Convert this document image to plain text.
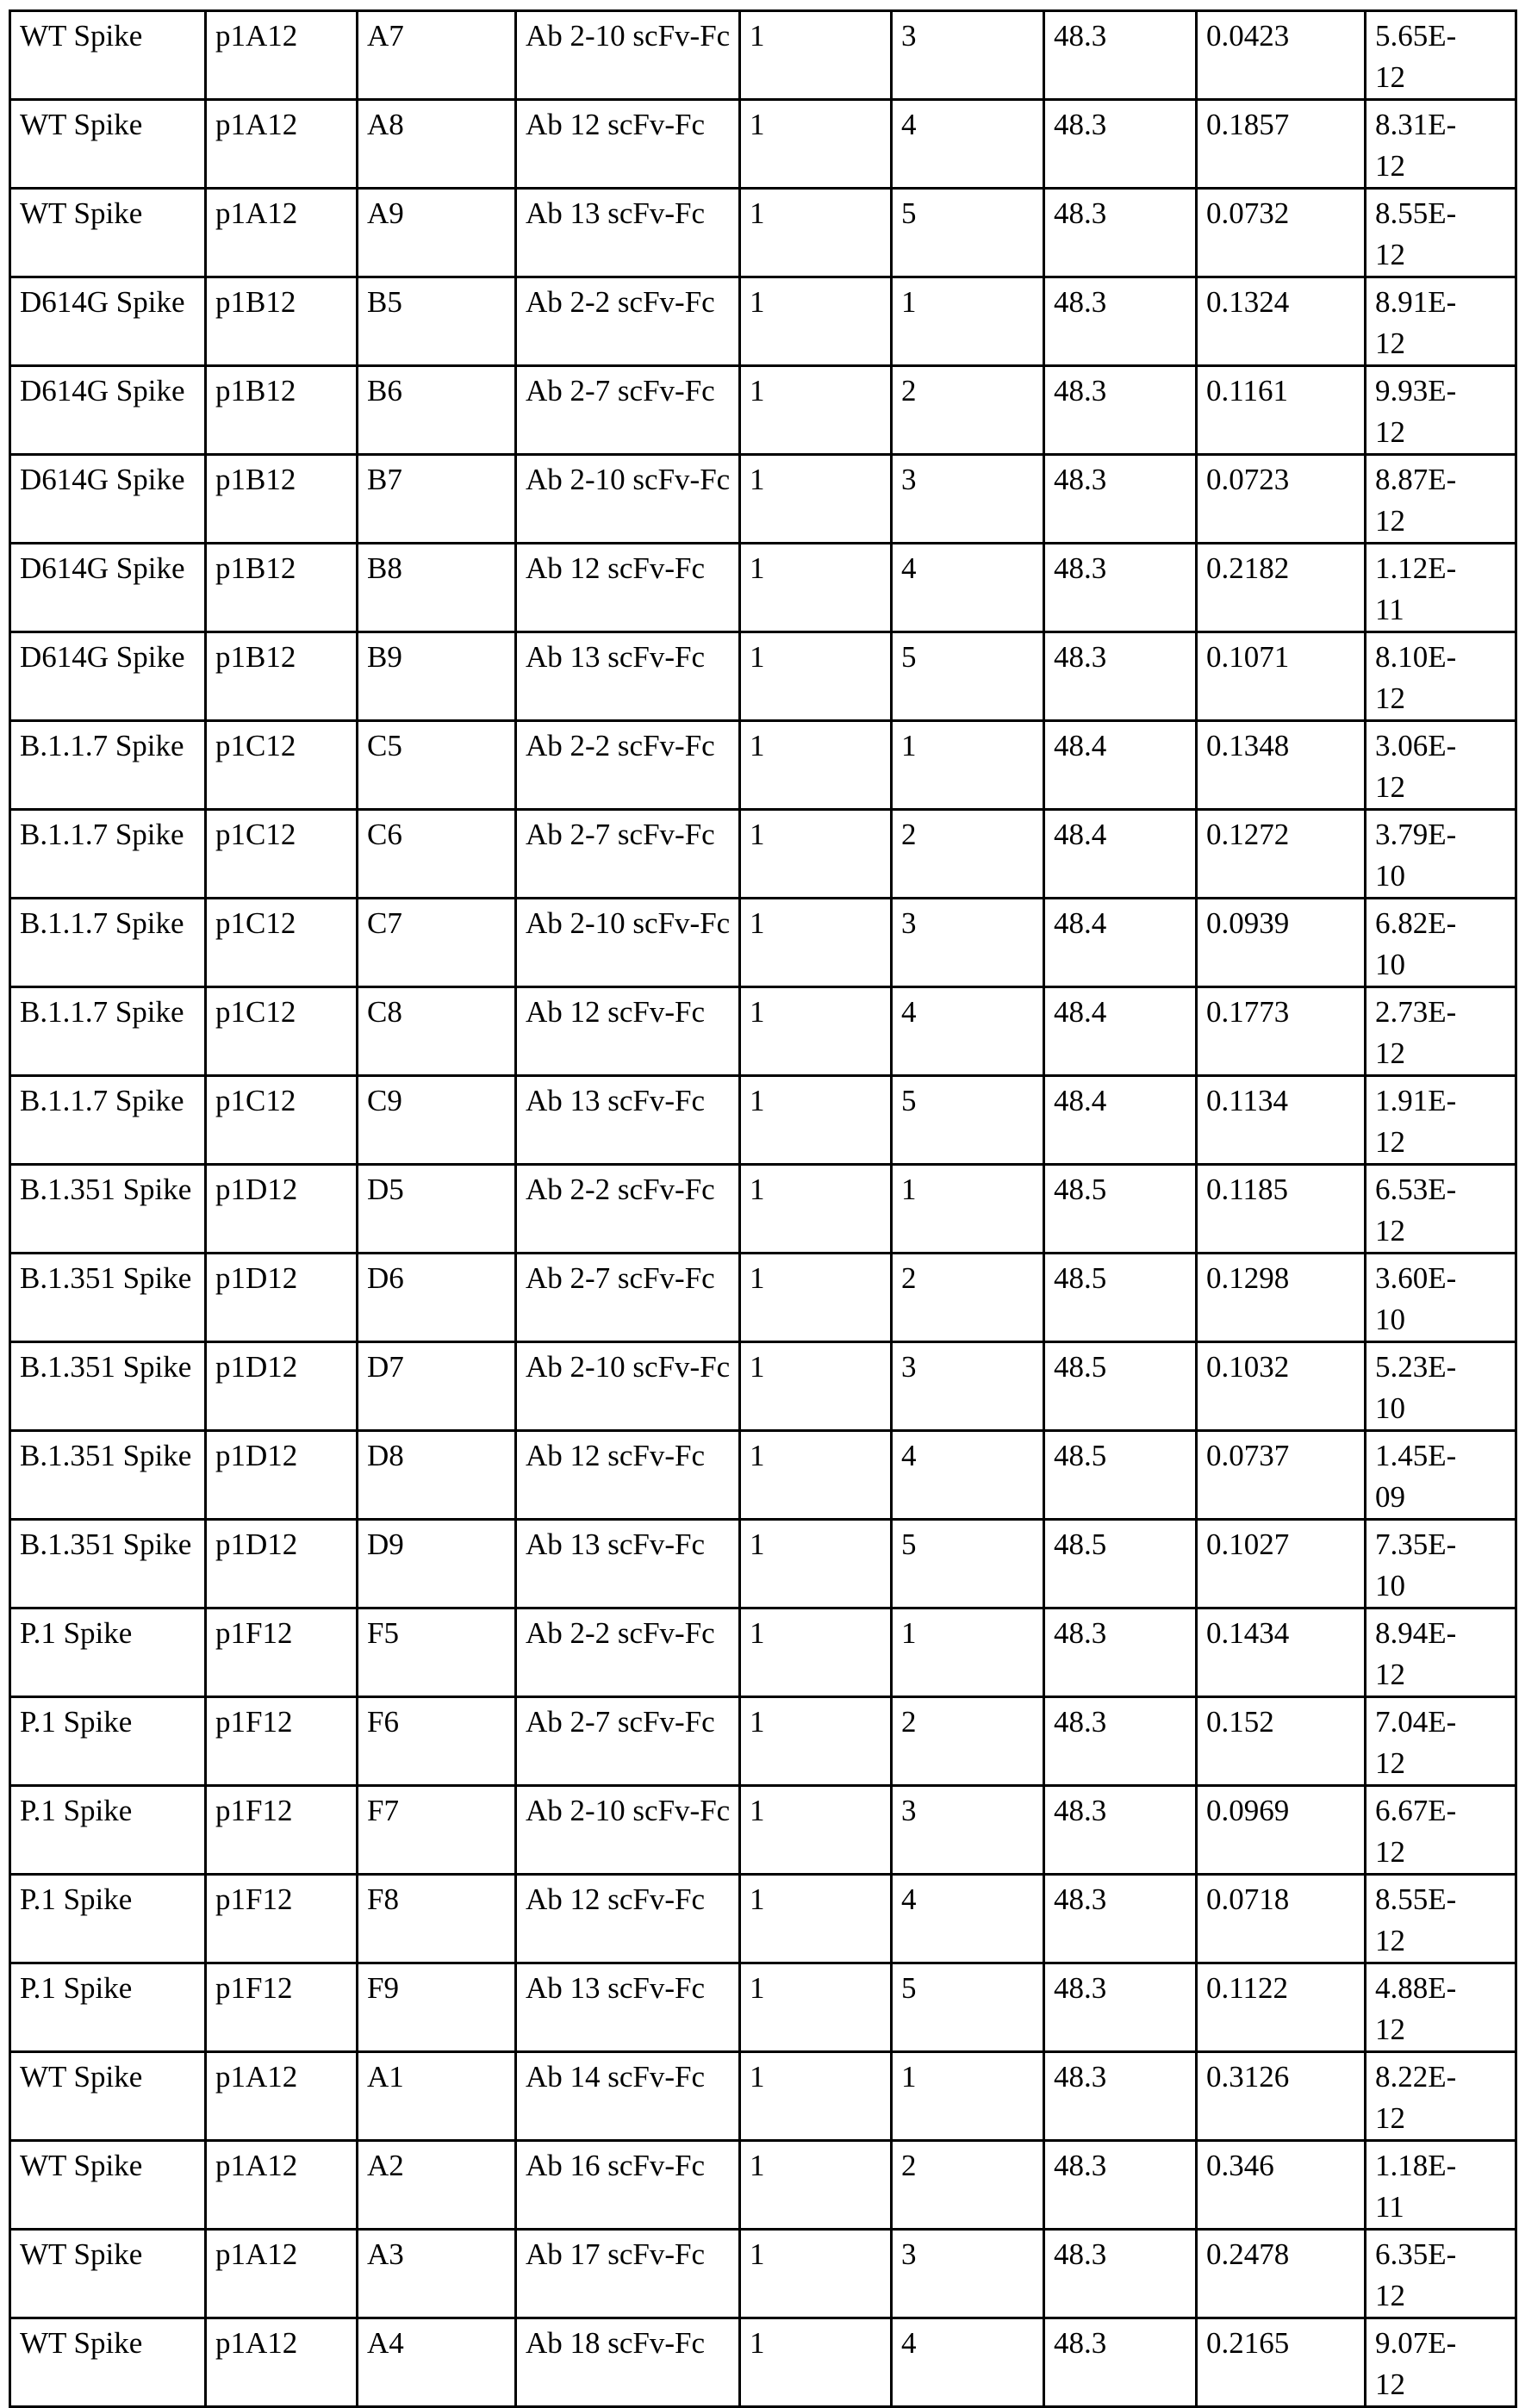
WT Spike	p1A12	A7	Ab 2-10 scFv-Fc	1	3	48.3	0.0423	5.65E-12
WT Spike	p1A12	A8	Ab 12 scFv-Fc	1	4	48.3	0.1857	8.31E-12
WT Spike	p1A12	A9	Ab 13 scFv-Fc	1	5	48.3	0.0732	8.55E-12
D614G Spike	p1B12	B5	Ab 2-2 scFv-Fc	1	1	48.3	0.1324	8.91E-12
D614G Spike	p1B12	B6	Ab 2-7 scFv-Fc	1	2	48.3	0.1161	9.93E-12
D614G Spike	p1B12	B7	Ab 2-10 scFv-Fc	1	3	48.3	0.0723	8.87E-12
D614G Spike	p1B12	B8	Ab 12 scFv-Fc	1	4	48.3	0.2182	1.12E-11
D614G Spike	p1B12	B9	Ab 13 scFv-Fc	1	5	48.3	0.1071	8.10E-12
B.1.1.7 Spike	p1C12	C5	Ab 2-2 scFv-Fc	1	1	48.4	0.1348	3.06E-12
B.1.1.7 Spike	p1C12	C6	Ab 2-7 scFv-Fc	1	2	48.4	0.1272	3.79E-10
B.1.1.7 Spike	p1C12	C7	Ab 2-10 scFv-Fc	1	3	48.4	0.0939	6.82E-10
B.1.1.7 Spike	p1C12	C8	Ab 12 scFv-Fc	1	4	48.4	0.1773	2.73E-12
B.1.1.7 Spike	p1C12	C9	Ab 13 scFv-Fc	1	5	48.4	0.1134	1.91E-12
B.1.351 Spike	p1D12	D5	Ab 2-2 scFv-Fc	1	1	48.5	0.1185	6.53E-12
B.1.351 Spike	p1D12	D6	Ab 2-7 scFv-Fc	1	2	48.5	0.1298	3.60E-10
B.1.351 Spike	p1D12	D7	Ab 2-10 scFv-Fc	1	3	48.5	0.1032	5.23E-10
B.1.351 Spike	p1D12	D8	Ab 12 scFv-Fc	1	4	48.5	0.0737	1.45E-09
B.1.351 Spike	p1D12	D9	Ab 13 scFv-Fc	1	5	48.5	0.1027	7.35E-10
P.1 Spike	p1F12	F5	Ab 2-2 scFv-Fc	1	1	48.3	0.1434	8.94E-12
P.1 Spike	p1F12	F6	Ab 2-7 scFv-Fc	1	2	48.3	0.152	7.04E-12
P.1 Spike	p1F12	F7	Ab 2-10 scFv-Fc	1	3	48.3	0.0969	6.67E-12
P.1 Spike	p1F12	F8	Ab 12 scFv-Fc	1	4	48.3	0.0718	8.55E-12
P.1 Spike	p1F12	F9	Ab 13 scFv-Fc	1	5	48.3	0.1122	4.88E-12
WT Spike	p1A12	A1	Ab 14 scFv-Fc	1	1	48.3	0.3126	8.22E-12
WT Spike	p1A12	A2	Ab 16 scFv-Fc	1	2	48.3	0.346	1.18E-11
WT Spike	p1A12	A3	Ab 17 scFv-Fc	1	3	48.3	0.2478	6.35E-12
WT Spike	p1A12	A4	Ab 18 scFv-Fc	1	4	48.3	0.2165	9.07E-12
